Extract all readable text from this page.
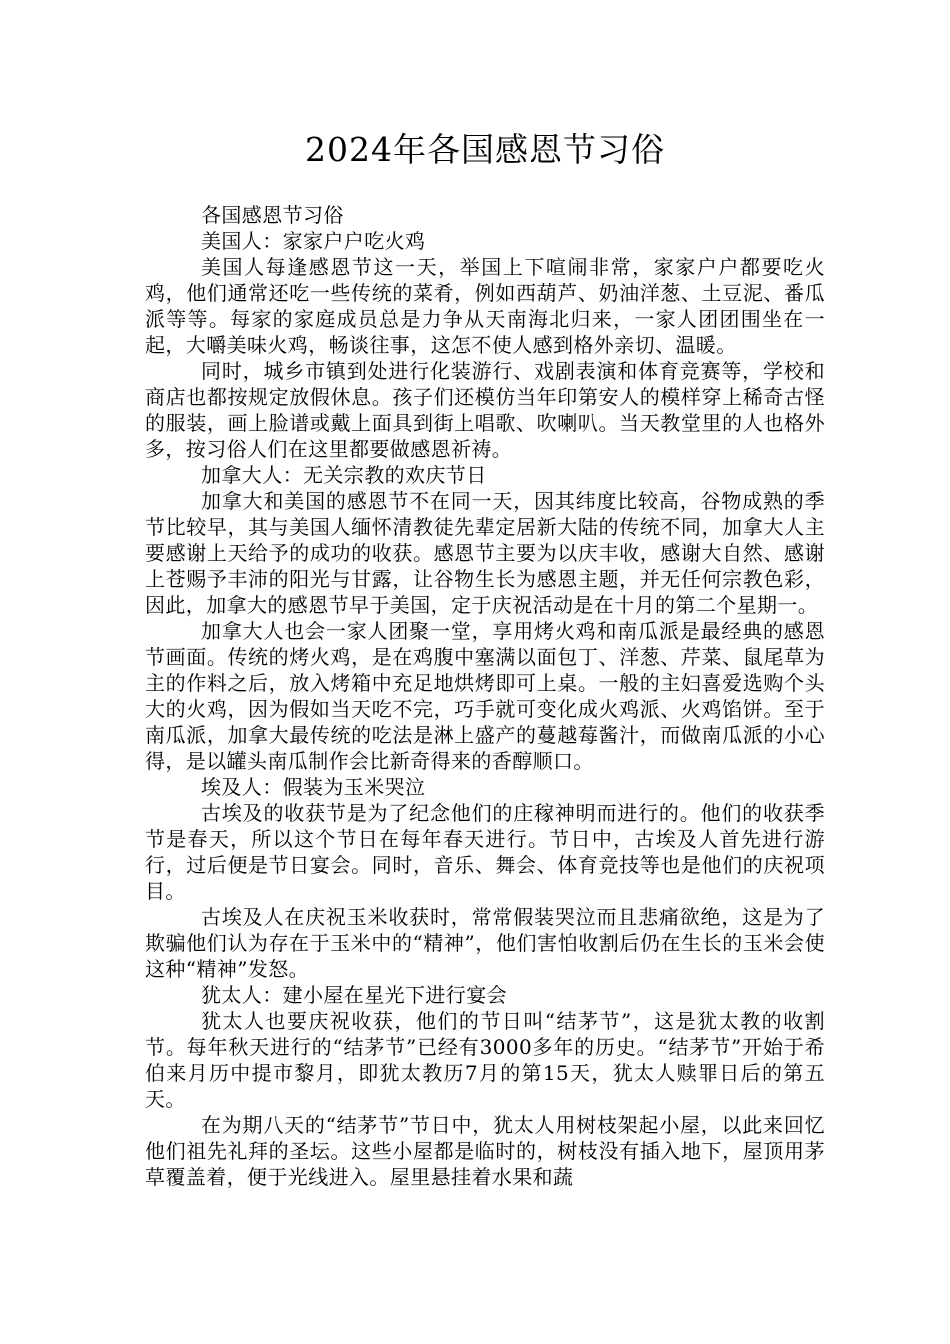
2024年各国感恩节习俗

各国感恩节习俗

美国人：家家户户吃火鸡

美国人每逢感恩节这一天，举国上下喧闹非常，家家户户都要吃火鸡，他们通常还吃一些传统的菜肴，例如西葫芦、奶油洋葱、土豆泥、番瓜派等等。每家的家庭成员总是力争从天南海北归来，一家人团团围坐在一起，大嚼美味火鸡，畅谈往事，这怎不使人感到格外亲切、温暖。

同时，城乡市镇到处进行化装游行、戏剧表演和体育竞赛等，学校和商店也都按规定放假休息。孩子们还模仿当年印第安人的模样穿上稀奇古怪的服装，画上脸谱或戴上面具到街上唱歌、吹喇叭。当天教堂里的人也格外多，按习俗人们在这里都要做感恩祈祷。

加拿大人：无关宗教的欢庆节日

加拿大和美国的感恩节不在同一天，因其纬度比较高，谷物成熟的季节比较早，其与美国人缅怀清教徒先辈定居新大陆的传统不同，加拿大人主要感谢上天给予的成功的收获。感恩节主要为以庆丰收，感谢大自然、感谢上苍赐予丰沛的阳光与甘露，让谷物生长为感恩主题，并无任何宗教色彩，因此，加拿大的感恩节早于美国，定于庆祝活动是在十月的第二个星期一。

加拿大人也会一家人团聚一堂，享用烤火鸡和南瓜派是最经典的感恩节画面。传统的烤火鸡，是在鸡腹中塞满以面包丁、洋葱、芹菜、鼠尾草为主的作料之后，放入烤箱中充足地烘烤即可上桌。一般的主妇喜爱选购个头大的火鸡，因为假如当天吃不完，巧手就可变化成火鸡派、火鸡馅饼。至于南瓜派，加拿大最传统的吃法是淋上盛产的蔓越莓酱汁，而做南瓜派的小心得，是以罐头南瓜制作会比新奇得来的香醇顺口。

埃及人：假装为玉米哭泣

古埃及的收获节是为了纪念他们的庄稼神明而进行的。他们的收获季节是春天，所以这个节日在每年春天进行。节日中，古埃及人首先进行游行，过后便是节日宴会。同时，音乐、舞会、体育竞技等也是他们的庆祝项目。

古埃及人在庆祝玉米收获时，常常假装哭泣而且悲痛欲绝，这是为了欺骗他们认为存在于玉米中的“精神”，他们害怕收割后仍在生长的玉米会使这种“精神”发怒。

犹太人：建小屋在星光下进行宴会

犹太人也要庆祝收获，他们的节日叫“结茅节”，这是犹太教的收割节。每年秋天进行的“结茅节”已经有3000多年的历史。“结茅节”开始于希伯来月历中提市黎月，即犹太教历7月的第15天，犹太人赎罪日后的第五天。

在为期八天的“结茅节”节日中，犹太人用树枝架起小屋，以此来回忆他们祖先礼拜的圣坛。这些小屋都是临时的，树枝没有插入地下，屋顶用茅草覆盖着，便于光线进入。屋里悬挂着水果和蔬
